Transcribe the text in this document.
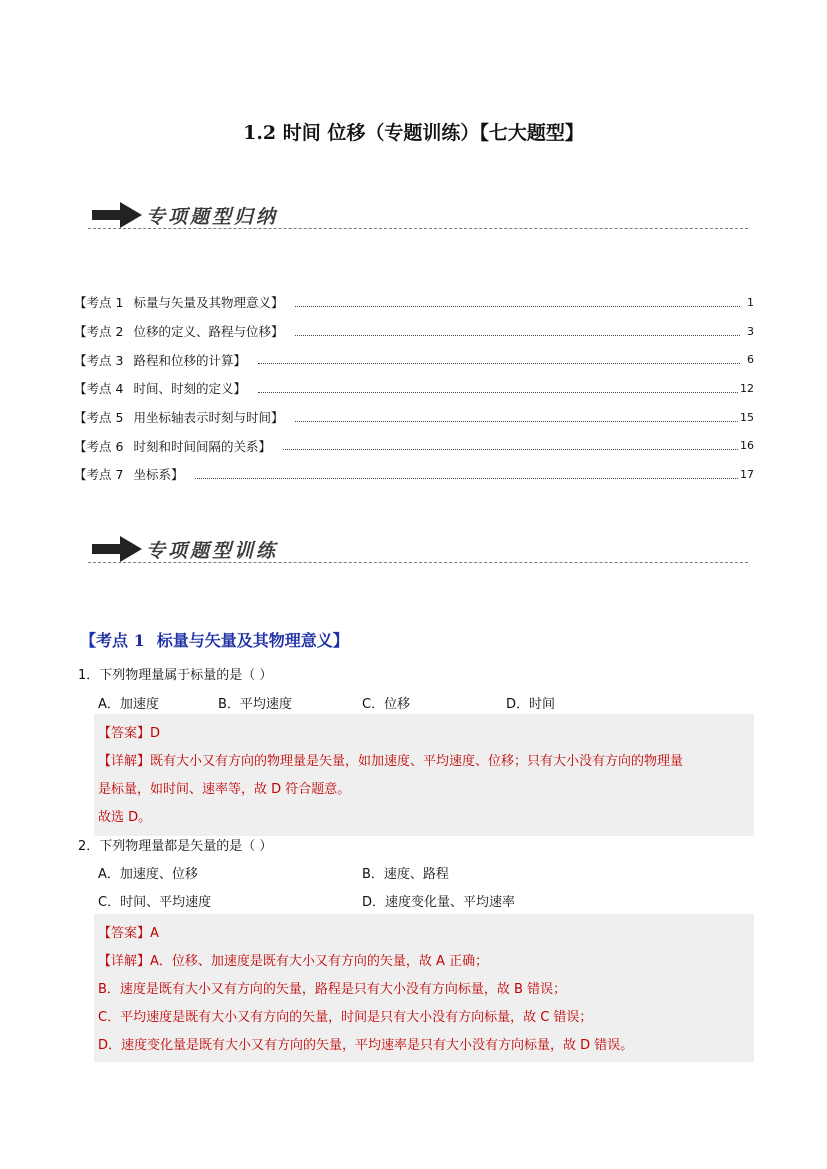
1.2 时间 位移（专题训练）【七大题型】
专项题型归纳
【考点 1 标量与矢量及其物理意义】	1
【考点 2 位移的定义、路程与位移】	3
【考点 3 路程和位移的计算】	6
【考点 4 时间、时刻的定义】	12
【考点 5 用坐标轴表示时刻与时间】	15
【考点 6 时刻和时间间隔的关系】	16
【考点 7 坐标系】	17
专项题型训练
【考点 1 标量与矢量及其物理意义】
1．下列物理量属于标量的是（ ）
A．加速度	B．平均速度	C．位移	D．时间
【答案】D
【详解】既有大小又有方向的物理量是矢量，如加速度、平均速度、位移；只有大小没有方向的物理量
是标量，如时间、速率等，故 D 符合题意。
故选 D。
2．下列物理量都是矢量的是（ ）
A．加速度、位移	B．速度、路程
C．时间、平均速度	D．速度变化量、平均速率
【答案】A
【详解】A．位移、加速度是既有大小又有方向的矢量，故 A 正确；
B．速度是既有大小又有方向的矢量，路程是只有大小没有方向标量，故 B 错误；
C．平均速度是既有大小又有方向的矢量，时间是只有大小没有方向标量，故 C 错误；
D．速度变化量是既有大小又有方向的矢量，平均速率是只有大小没有方向标量，故 D 错误。
